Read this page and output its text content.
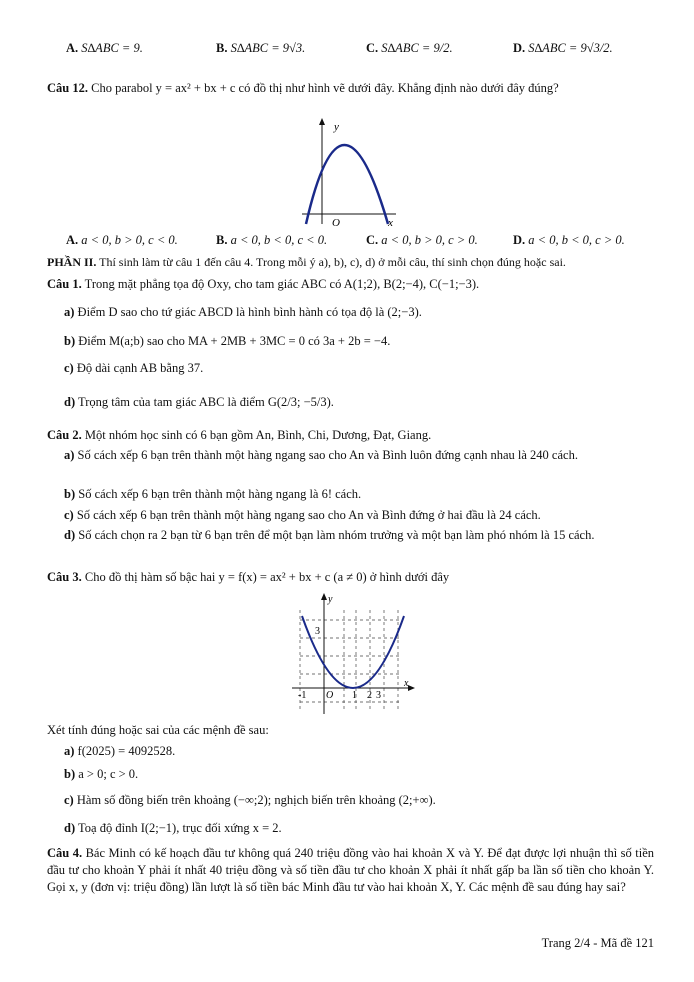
A. S∆ABC = 9.	B. S∆ABC = 9√3.	C. S∆ABC = 9/2.	D. S∆ABC = 9√3/2.
Câu 12. Cho parabol y = ax² + bx + c có đồ thị như hình vẽ dưới đây. Khẳng định nào dưới đây đúng?
y
x
O
A. a < 0, b > 0, c < 0.	B. a < 0, b < 0, c < 0.	C. a < 0, b > 0, c > 0.	D. a < 0, b < 0, c > 0.
PHẦN II. Thí sinh làm từ câu 1 đến câu 4. Trong mỗi ý a), b), c), d) ở mỗi câu, thí sinh chọn đúng hoặc sai.
Câu 1. Trong mặt phẳng tọa độ Oxy, cho tam giác ABC có A(1;2), B(2;−4), C(−1;−3).
a) Điểm D sao cho tứ giác ABCD là hình bình hành có tọa độ là (2;−3).
b) Điểm M(a;b) sao cho MA + 2MB + 3MC = 0 có 3a + 2b = −4.
c) Độ dài cạnh AB bằng 37.
d) Trọng tâm của tam giác ABC là điểm G(2/3; −5/3).
Câu 2. Một nhóm học sinh có 6 bạn gồm An, Bình, Chi, Dương, Đạt, Giang.
a) Số cách xếp 6 bạn trên thành một hàng ngang sao cho An và Bình luôn đứng cạnh nhau là 240 cách.
b) Số cách xếp 6 bạn trên thành một hàng ngang là 6! cách.
c) Số cách xếp 6 bạn trên thành một hàng ngang sao cho An và Bình đứng ở hai đầu là 24 cách.
d) Số cách chọn ra 2 bạn từ 6 bạn trên để một bạn làm nhóm trưởng và một bạn làm phó nhóm là 15 cách.
Câu 3. Cho đồ thị hàm số bậc hai y = f(x) = ax² + bx + c (a ≠ 0) ở hình dưới đây
y
x
3
-1 O 1 2 3
Xét tính đúng hoặc sai của các mệnh đề sau:
a) f(2025) = 4092528.
b) a > 0; c > 0.
c) Hàm số đồng biến trên khoảng (−∞;2); nghịch biến trên khoảng (2;+∞).
d) Toạ độ đỉnh I(2;−1), trục đối xứng x = 2.
Câu 4. Bác Minh có kế hoạch đầu tư không quá 240 triệu đồng vào hai khoản X và Y. Để đạt được lợi nhuận thì số tiền đầu tư cho khoản Y phải ít nhất 40 triệu đồng và số tiền đầu tư cho khoản X phải ít nhất gấp ba lần số tiền cho khoản Y. Gọi x, y (đơn vị: triệu đồng) lần lượt là số tiền bác Minh đầu tư vào hai khoản X, Y. Các mệnh đề sau đúng hay sai?
Trang 2/4 - Mã đề 121
